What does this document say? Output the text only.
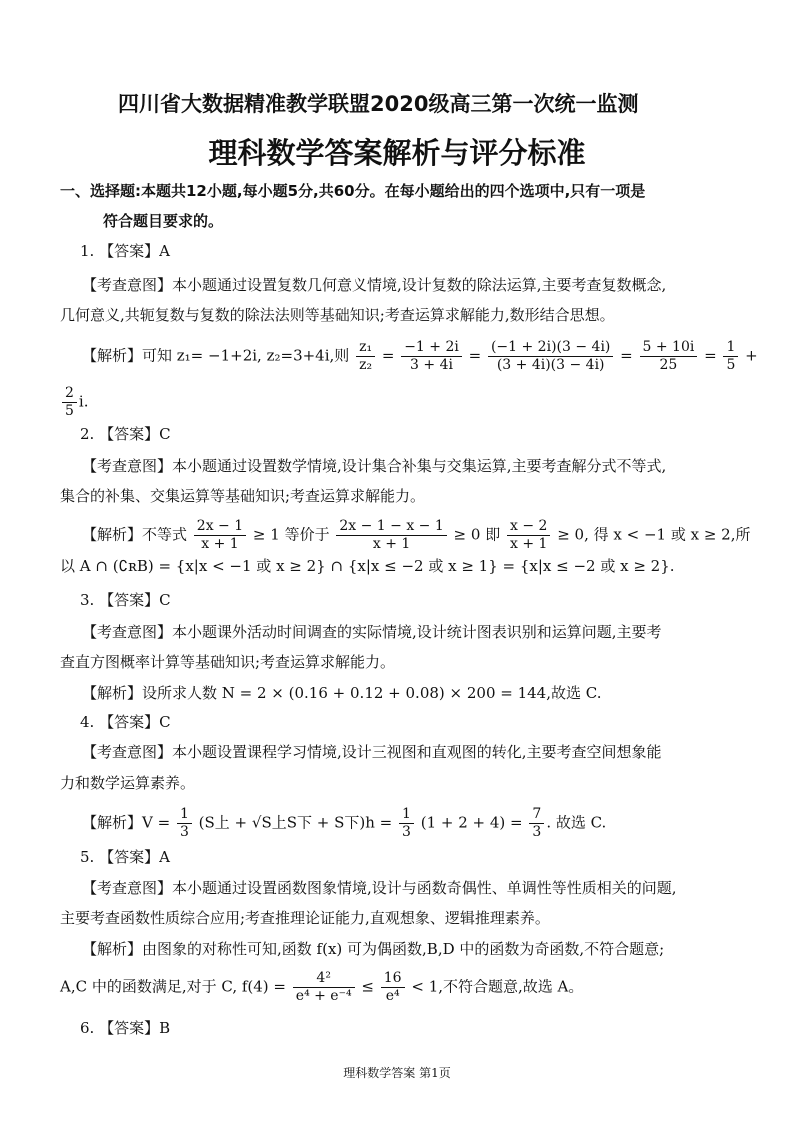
四川省大数据精准教学联盟2020级高三第一次统一监测
理科数学答案解析与评分标准
一、选择题:本题共12小题,每小题5分,共60分。在每小题给出的四个选项中,只有一项是
符合题目要求的。
1. 【答案】A
【考查意图】本小题通过设置复数几何意义情境,设计复数的除法运算,主要考查复数概念,
几何意义,共轭复数与复数的除法法则等基础知识;考查运算求解能力,数形结合思想。
【解析】可知 z₁= −1+2i, z₂=3+4i,则 $\frac{\text{z₁}}{\text{z₂}} = \frac{-1 + 2i}{3 + 4i} = \frac{(-1 + 2i)(3 - 4i)}{(3 + 4i)(3 - 4i)} = \frac{5 + 10i}{25} = \frac{1}{5}$ +
$\frac{2}{5} i$.
2. 【答案】C
【考查意图】本小题通过设置数学情境,设计集合补集与交集运算,主要考查解分式不等式,
集合的补集、交集运算等基础知识;考查运算求解能力。
【解析】不等式 $\frac{2x - 1}{x + 1} \ge 1$ 等价于 $\frac{2x - 1 - x - 1}{x + 1} \ge 0$ 即 $\frac{x - 2}{x + 1} \ge 0$, 得 x < −1 或 x ≥ 2,所
以 A ∩ (∁ʀB) = {x|x < −1 或 x ≥ 2} ∩ {x|x ≤ −2 或 x ≥ 1} = {x|x ≤ −2 或 x ≥ 2}.
3. 【答案】C
【考查意图】本小题课外活动时间调查的实际情境,设计统计图表识别和运算问题,主要考
查直方图概率计算等基础知识;考查运算求解能力。
【解析】设所求人数 N = 2 × (0.16 + 0.12 + 0.08) × 200 = 144,故选 C.
4. 【答案】C
【考查意图】本小题设置课程学习情境,设计三视图和直观图的转化,主要考查空间想象能
力和数学运算素养。
【解析】$V = \frac{1}{3} (S$上 + √S上S下 + S下)$h = \frac{1}{3} (1 + 2 + 4) = \frac{7}{3}$ . 故选 C.
5. 【答案】A
【考查意图】本小题通过设置函数图象情境,设计与函数奇偶性、单调性等性质相关的问题,
主要考查函数性质综合应用;考查推理论证能力,直观想象、逻辑推理素养。
【解析】由图象的对称性可知,函数 f(x) 可为偶函数,B,D 中的函数为奇函数,不符合题意;
A,C 中的函数满足,对于 C, $f(4) = \frac{\text{4²}}{\text{e⁴ + e⁻⁴}} \le \frac{16}{\text{e⁴}} < 1$,不符合题意,故选 A。
6. 【答案】B
理科数学答案 第1页
